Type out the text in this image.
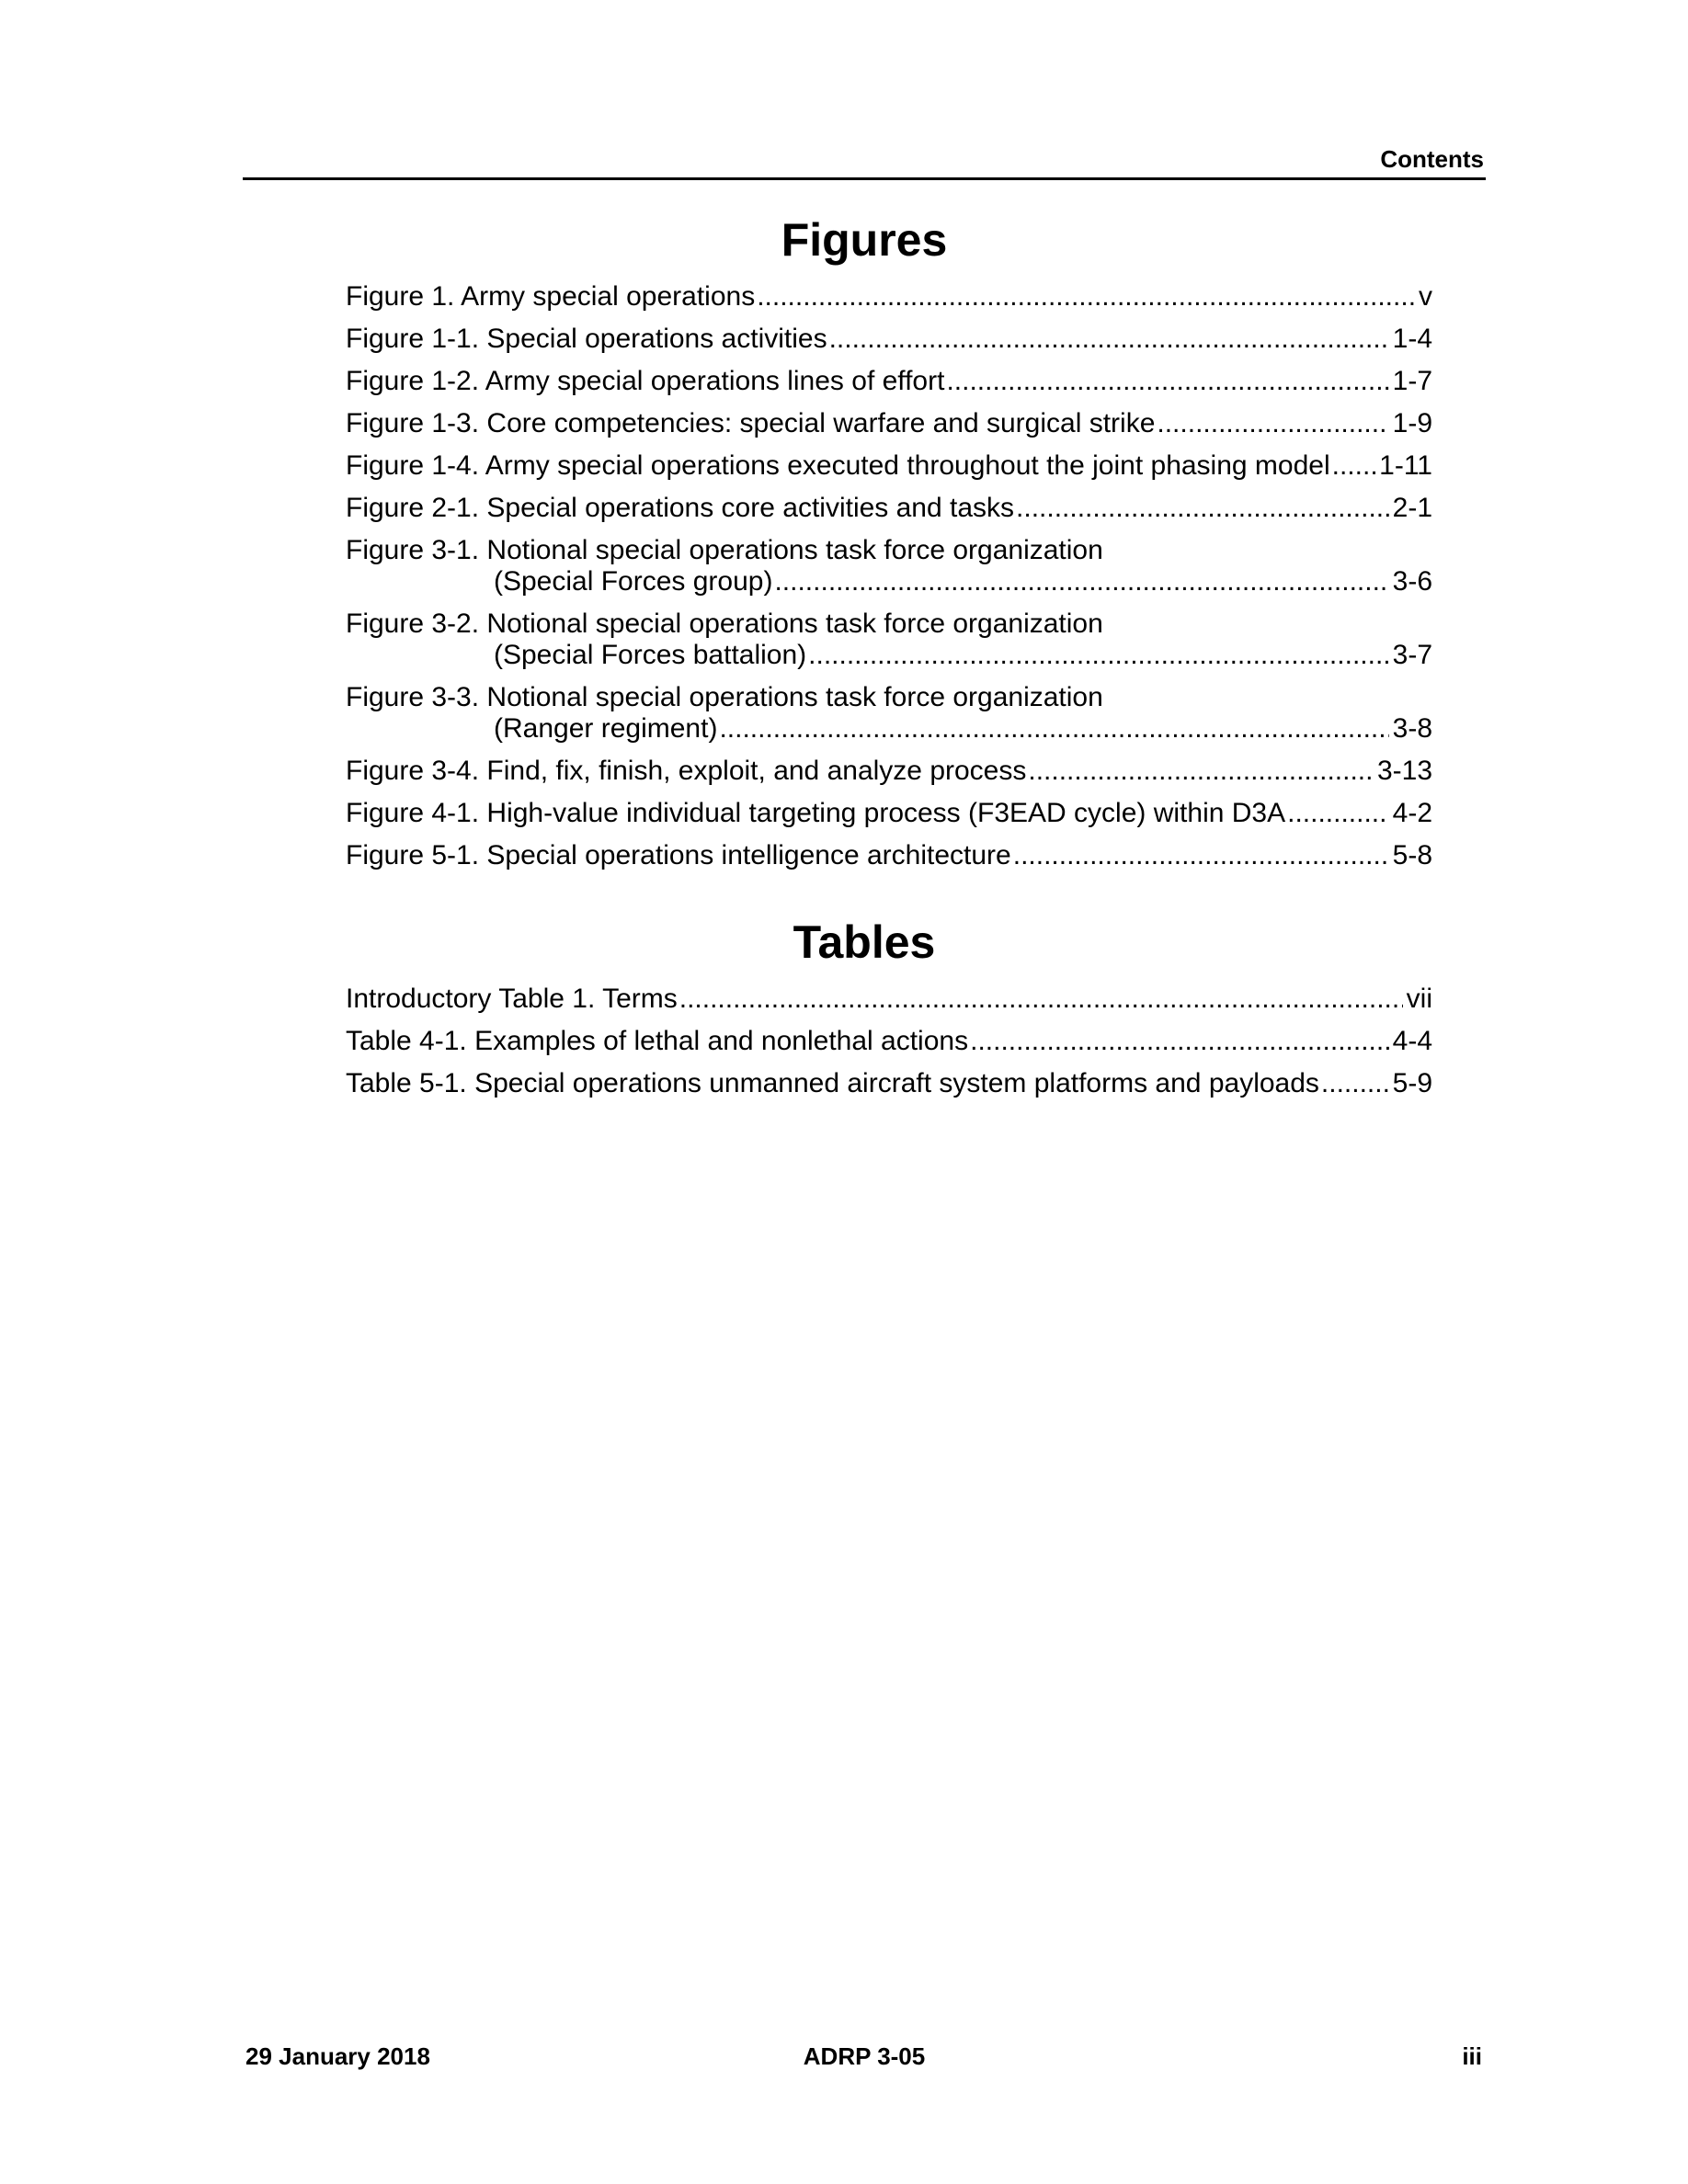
Contents
Figures
Figure 1. Army special operations .....	v
Figure 1-1. Special operations activities .....	1-4
Figure 1-2. Army special operations lines of effort .....	1-7
Figure 1-3. Core competencies: special warfare and surgical strike .....	1-9
Figure 1-4. Army special operations executed throughout the joint phasing model ..... 1-11
Figure 2-1. Special operations core activities and tasks .....	2-1
Figure 3-1. Notional special operations task force organization
(Special Forces group) .....	3-6
Figure 3-2. Notional special operations task force organization
(Special Forces battalion) .....	3-7
Figure 3-3. Notional special operations task force organization
(Ranger regiment) .....	3-8
Figure 3-4. Find, fix, finish, exploit, and analyze process .....	3-13
Figure 4-1. High-value individual targeting process (F3EAD cycle) within D3A .....	4-2
Figure 5-1. Special operations intelligence architecture .....	5-8
Tables
Introductory Table 1. Terms .....	vii
Table 4-1. Examples of lethal and nonlethal actions .....	4-4
Table 5-1. Special operations unmanned aircraft system platforms and payloads .....	5-9
29 January 2018	ADRP 3-05	iii
